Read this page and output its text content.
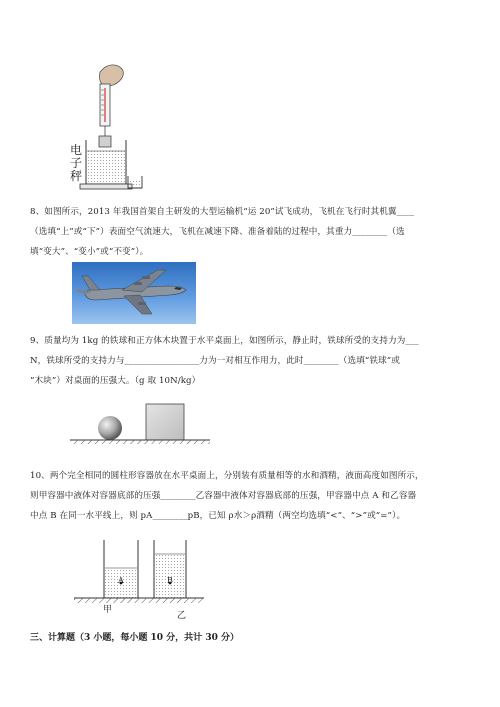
电
子
秤
8、如图所示，2013 年我国首架自主研发的大型运输机“运 20”试飞成功，飞机在飞行时其机翼____
（选填“上”或“下”）表面空气流速大，飞机在减速下降、准备着陆的过程中，其重力________（选
填“变大”、“变小”或“不变”）。
9、质量均为 1kg 的铁球和正方体木块置于水平桌面上，如图所示，静止时，铁球所受的支持力为___
N，铁球所受的支持力与_________________力为一对相互作用力，此时________（选填“铁球”或
“木块”）对桌面的压强大。（g 取 10N/kg）
10、两个完全相同的圆柱形容器放在水平桌面上，分别装有质量相等的水和酒精，液面高度如图所示，
则甲容器中液体对容器底部的压强________乙容器中液体对容器底部的压强，甲容器中点 A 和乙容器
中点 B 在同一水平线上，则 pA________pB，已知 ρ水＞ρ酒精（两空均选填“<”、“>”或“=”）。
A	B
甲
乙
三、计算题（3 小题，每小题 10 分，共计 30 分）
